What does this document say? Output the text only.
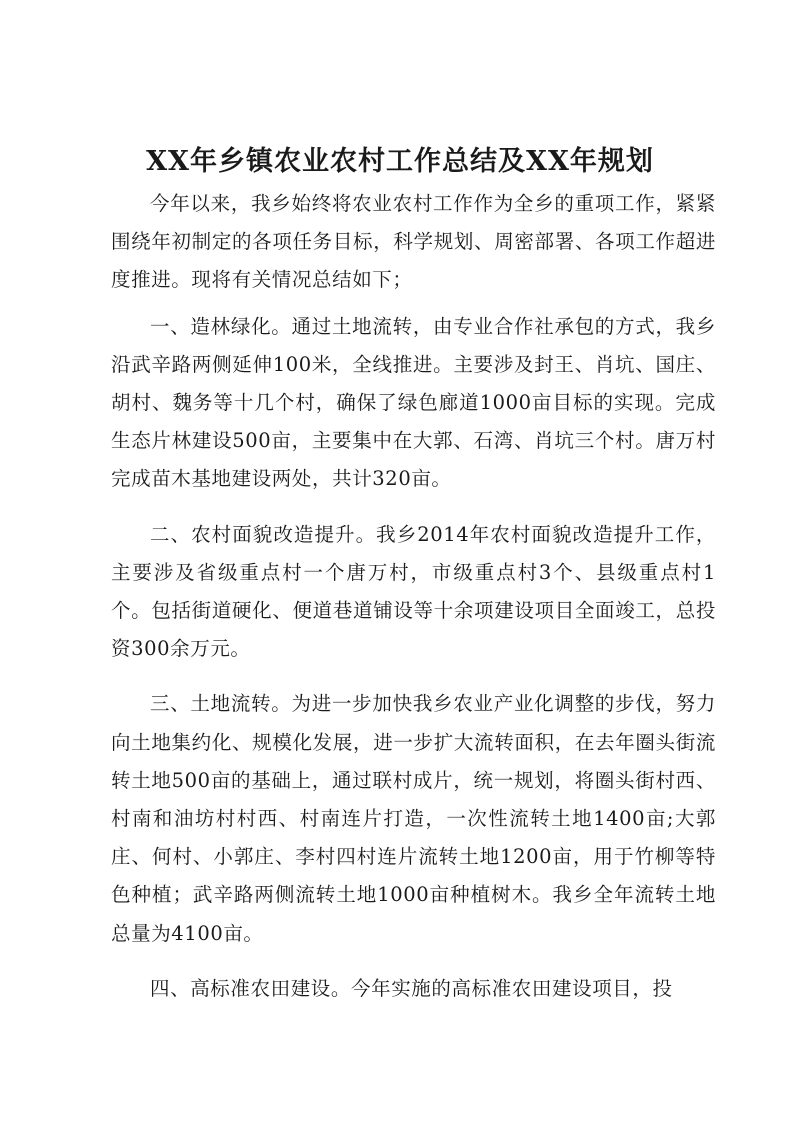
XX年乡镇农业农村工作总结及XX年规划

今年以来，我乡始终将农业农村工作作为全乡的重项工作，紧紧围绕年初制定的各项任务目标，科学规划、周密部署、各项工作超进度推进。现将有关情况总结如下；

一、造林绿化。通过土地流转，由专业合作社承包的方式，我乡沿武辛路两侧延伸100米，全线推进。主要涉及封王、肖坑、国庄、胡村、魏务等十几个村，确保了绿色廊道1000亩目标的实现。完成生态片林建设500亩，主要集中在大郭、石湾、肖坑三个村。唐万村完成苗木基地建设两处，共计320亩。

二、农村面貌改造提升。我乡2014年农村面貌改造提升工作，主要涉及省级重点村一个唐万村，市级重点村3个、县级重点村1个。包括街道硬化、便道巷道铺设等十余项建设项目全面竣工，总投资300余万元。

三、土地流转。为进一步加快我乡农业产业化调整的步伐，努力向土地集约化、规模化发展，进一步扩大流转面积，在去年圈头街流转土地500亩的基础上，通过联村成片，统一规划，将圈头街村西、村南和油坊村村西、村南连片打造，一次性流转土地1400亩;大郭庄、何村、小郭庄、李村四村连片流转土地1200亩，用于竹柳等特色种植；武辛路两侧流转土地1000亩种植树木。我乡全年流转土地总量为4100亩。

四、高标准农田建设。今年实施的高标准农田建设项目，投
